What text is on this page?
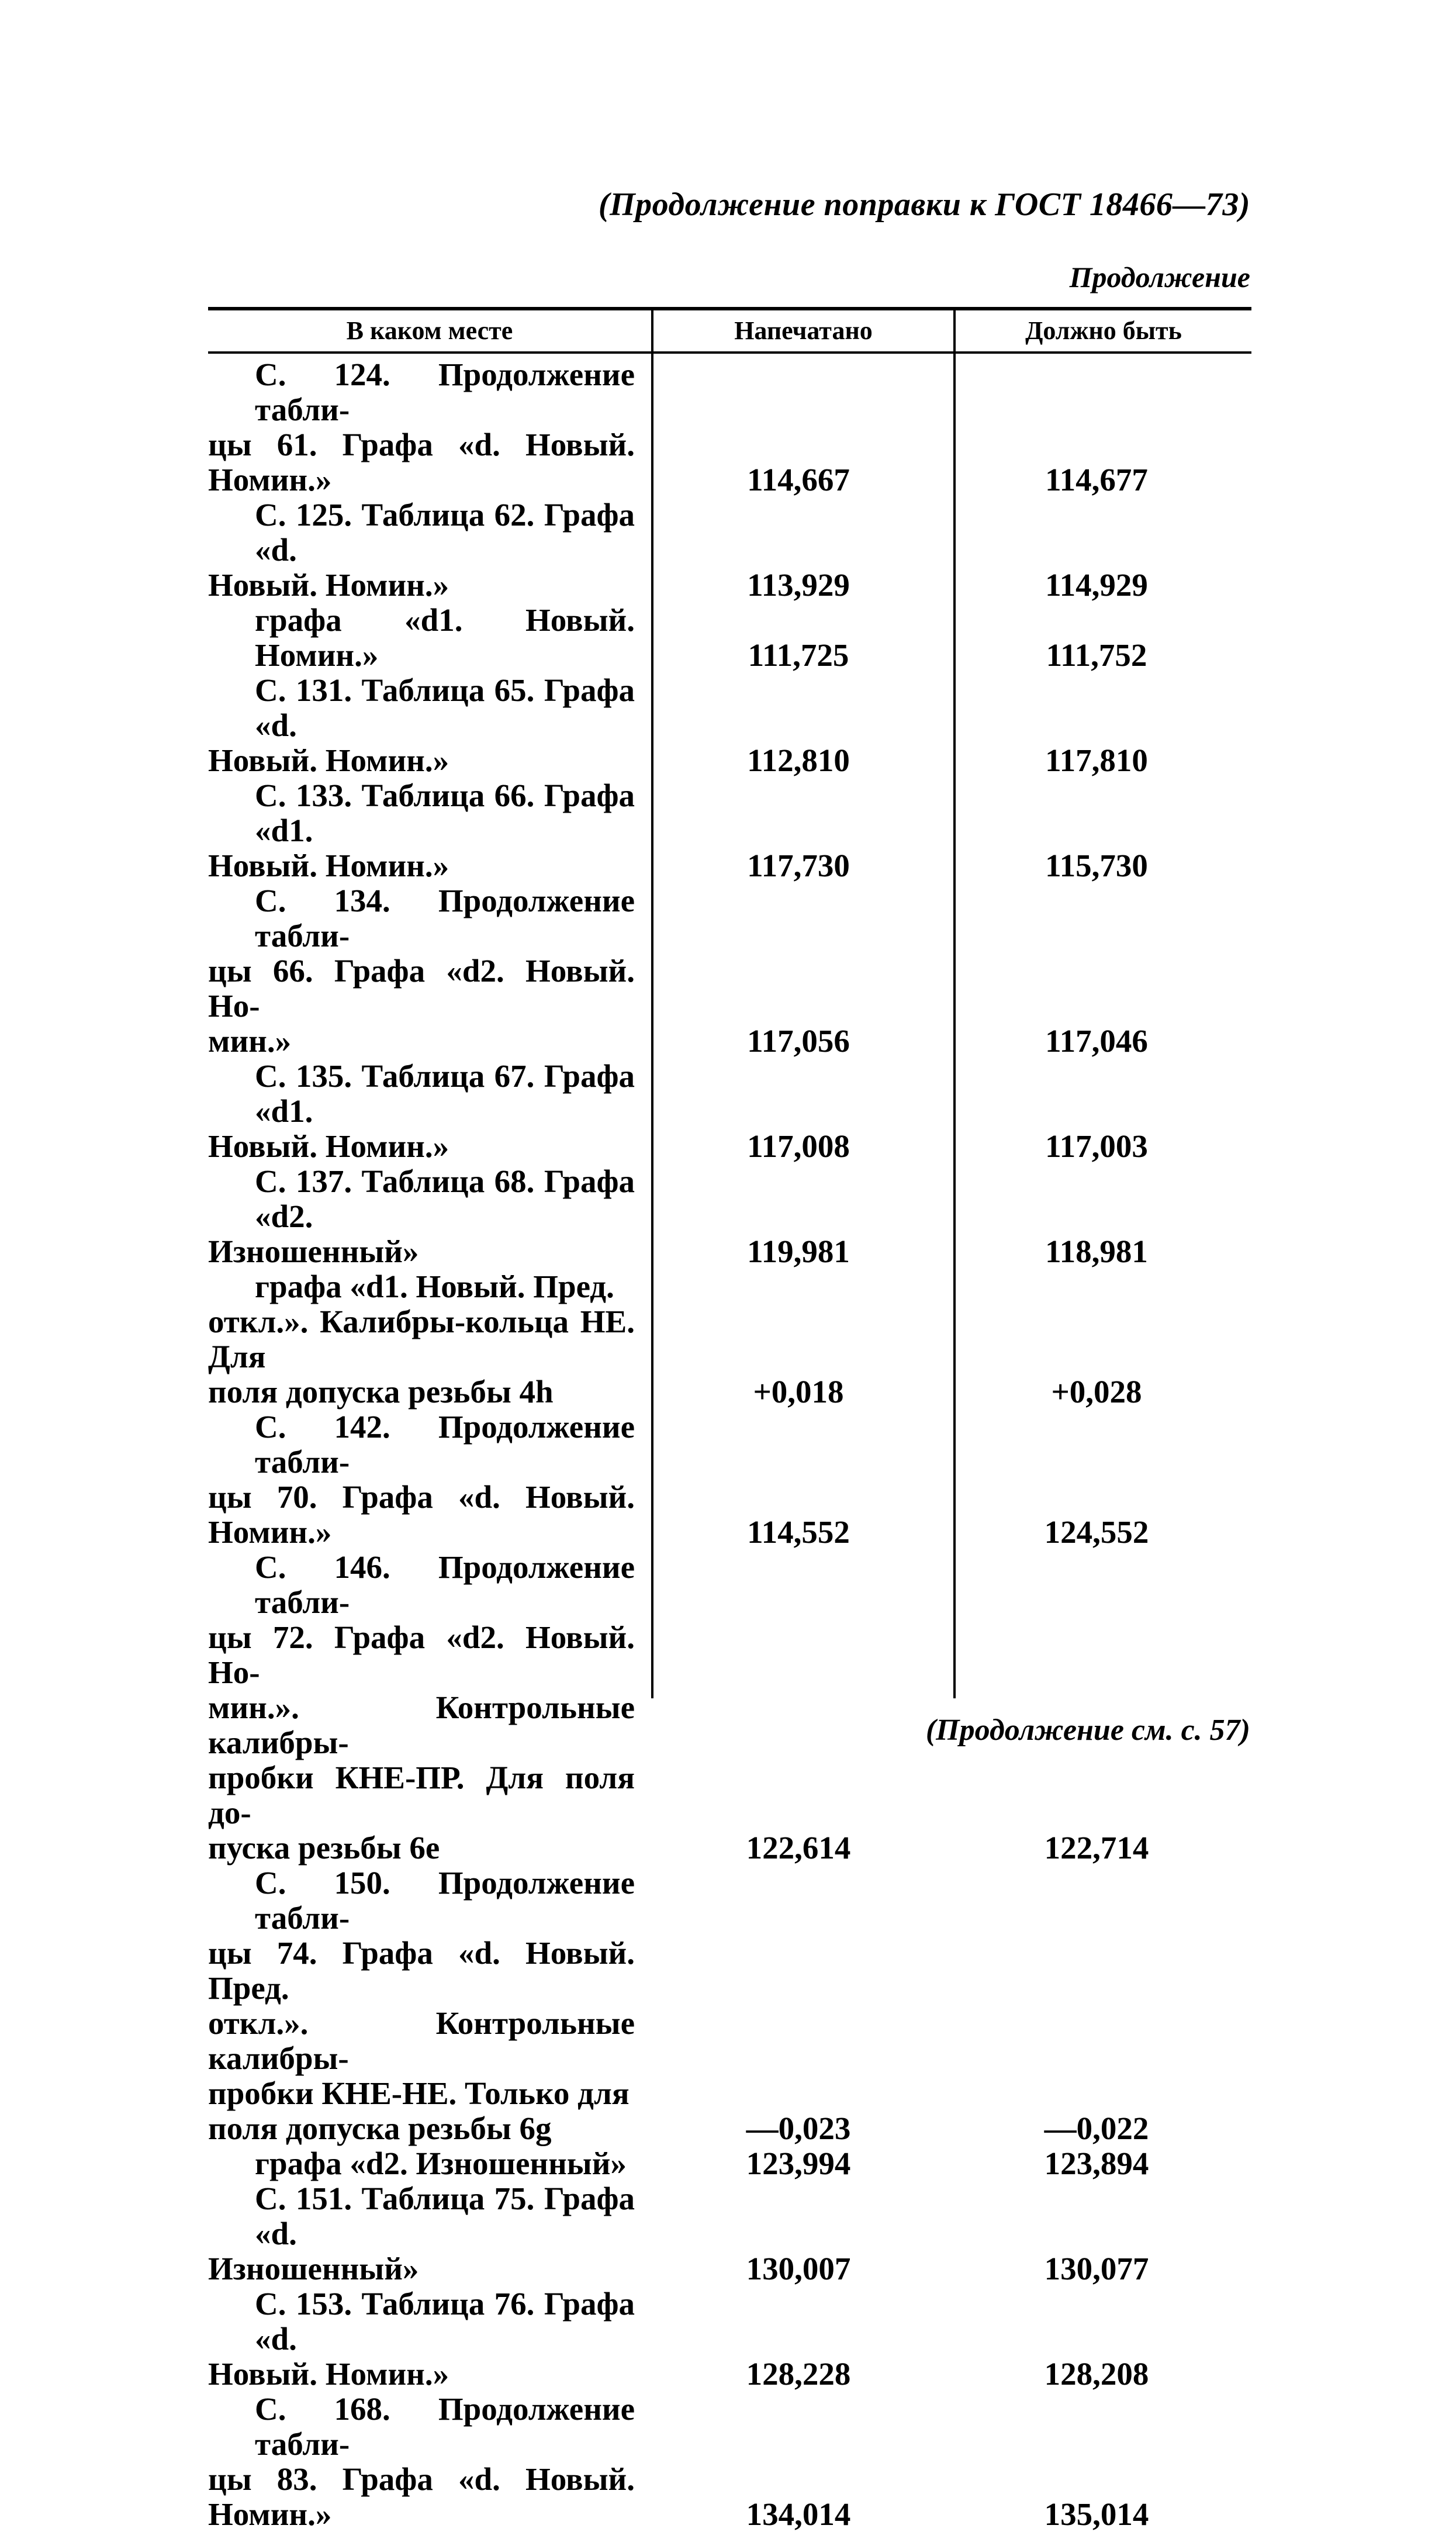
(Продолжение поправки к ГОСТ 18466—73)
Продолжение
В каком месте	Напечатано	Должно быть
С. 124. Продолжение табли-
цы 61. Графа «d. Новый. Номин.»	114,667	114,677
С. 125. Таблица 62. Графа «d.
Новый. Номин.»	113,929	114,929
графа «d1. Новый. Номин.»	111,725	111,752
С. 131. Таблица 65. Графа «d.
Новый. Номин.»	112,810	117,810
С. 133. Таблица 66. Графа «d1.
Новый. Номин.»	117,730	115,730
С. 134. Продолжение табли-
цы 66. Графа «d2. Новый. Но-
мин.»	117,056	117,046
С. 135. Таблица 67. Графа «d1.
Новый. Номин.»	117,008	117,003
С. 137. Таблица 68. Графа «d2.
Изношенный»	119,981	118,981
графа «d1. Новый. Пред.
откл.». Калибры-кольца НЕ. Для
поля допуска резьбы 4h	+0,018	+0,028
С. 142. Продолжение табли-
цы 70. Графа «d. Новый. Номин.»	114,552	124,552
С. 146. Продолжение табли-
цы 72. Графа «d2. Новый. Но-
мин.». Контрольные калибры-
пробки КНЕ-ПР. Для поля до-
пуска резьбы 6е	122,614	122,714
С. 150. Продолжение табли-
цы 74. Графа «d. Новый. Пред.
откл.». Контрольные калибры-
пробки КНЕ-НЕ. Только для
поля допуска резьбы 6g	—0,023	—0,022
графа «d2. Изношенный»	123,994	123,894
С. 151. Таблица 75. Графа «d.
Изношенный»	130,007	130,077
С. 153. Таблица 76. Графа «d.
Новый. Номин.»	128,228	128,208
С. 168. Продолжение табли-
цы 83. Графа «d. Новый. Номин.»	134,014	135,014
(Продолжение см. с. 57)
